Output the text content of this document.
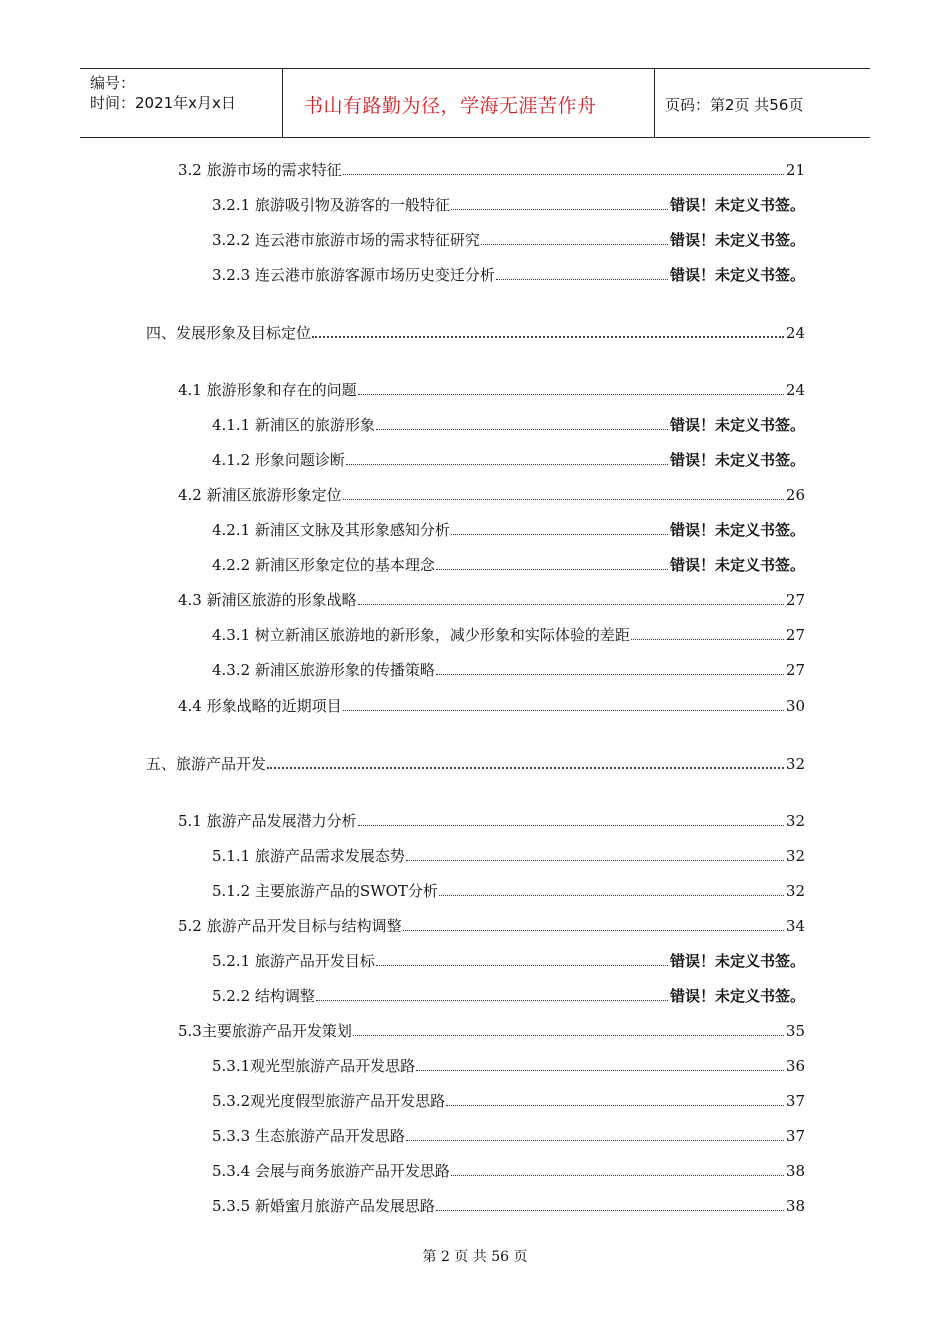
编号：
时间：2021年x月x日	书山有路勤为径，学海无涯苦作舟	页码：第2页 共56页
3.2 旅游市场的需求特征	21
3.2.1 旅游吸引物及游客的一般特征	错误！未定义书签。
3.2.2 连云港市旅游市场的需求特征研究	错误！未定义书签。
3.2.3 连云港市旅游客源市场历史变迁分析	错误！未定义书签。
四、发展形象及目标定位	24
4.1 旅游形象和存在的问题	24
4.1.1 新浦区的旅游形象	错误！未定义书签。
4.1.2 形象问题诊断	错误！未定义书签。
4.2 新浦区旅游形象定位	26
4.2.1 新浦区文脉及其形象感知分析	错误！未定义书签。
4.2.2 新浦区形象定位的基本理念	错误！未定义书签。
4.3 新浦区旅游的形象战略	27
4.3.1 树立新浦区旅游地的新形象，减少形象和实际体验的差距	27
4.3.2 新浦区旅游形象的传播策略	27
4.4 形象战略的近期项目	30
五、旅游产品开发	32
5.1 旅游产品发展潜力分析	32
5.1.1 旅游产品需求发展态势	32
5.1.2 主要旅游产品的SWOT分析	32
5.2 旅游产品开发目标与结构调整	34
5.2.1 旅游产品开发目标	错误！未定义书签。
5.2.2 结构调整	错误！未定义书签。
5.3主要旅游产品开发策划	35
5.3.1观光型旅游产品开发思路	36
5.3.2观光度假型旅游产品开发思路	37
5.3.3 生态旅游产品开发思路	37
5.3.4 会展与商务旅游产品开发思路	38
5.3.5 新婚蜜月旅游产品发展思路	38
第 2 页 共 56 页
